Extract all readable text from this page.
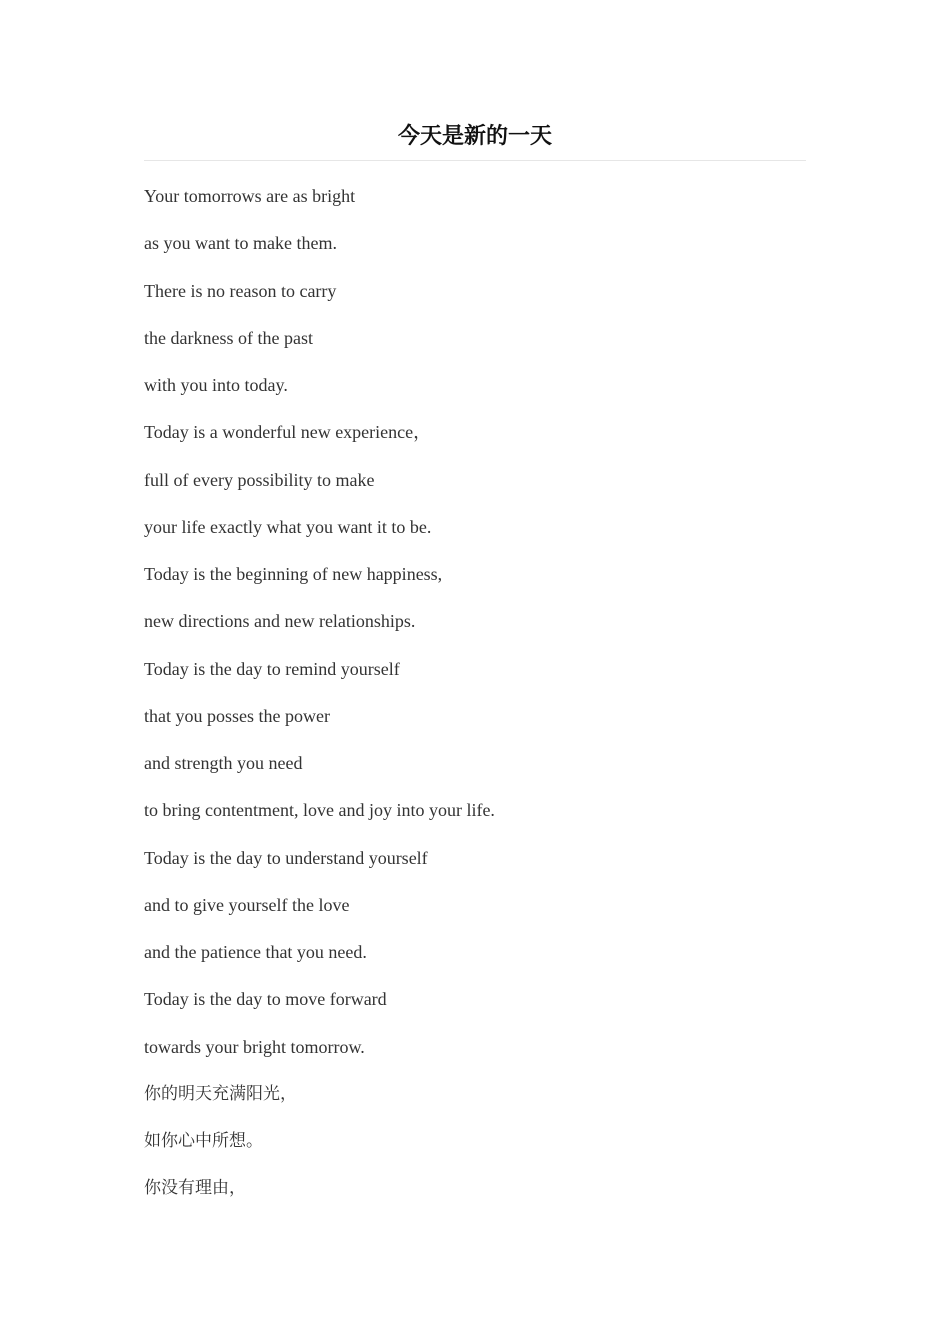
今天是新的一天
Your tomorrows are as bright
as you want to make them.
There is no reason to carry
the darkness of the past
with you into today.
Today is a wonderful new experience，
full of every possibility to make
your life exactly what you want it to be.
Today is the beginning of new happiness,
new directions and new relationships.
Today is the day to remind yourself
that you posses the power
and strength you need
to bring contentment, love and joy into your life.
Today is the day to understand yourself
and to give yourself the love
and the patience that you need.
Today is the day to move forward
towards your bright tomorrow.
你的明天充满阳光，
如你心中所想。
你没有理由，
